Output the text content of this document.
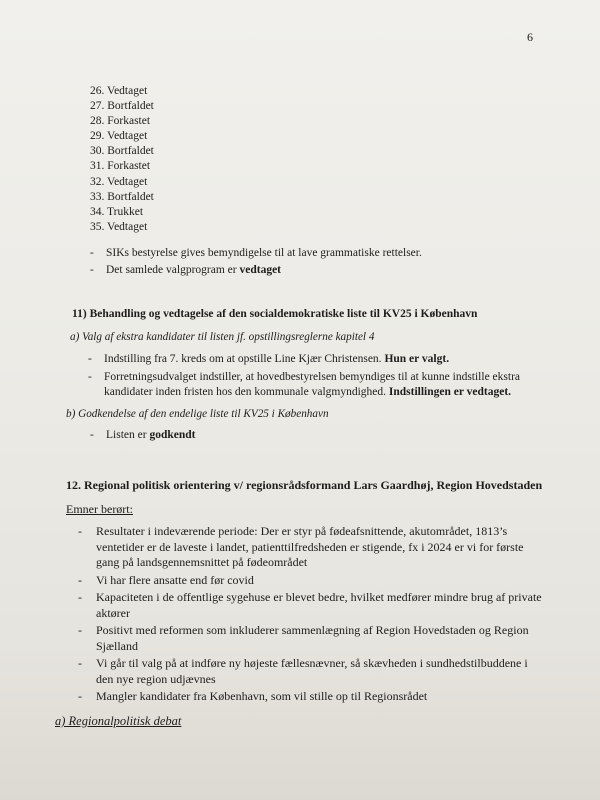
6
26. Vedtaget
27. Bortfaldet
28. Forkastet
29. Vedtaget
30. Bortfaldet
31. Forkastet
32. Vedtaget
33. Bortfaldet
34. Trukket
35. Vedtaget
- SIKs bestyrelse gives bemyndigelse til at lave grammatiske rettelser.
- Det samlede valgprogram er vedtaget
11) Behandling og vedtagelse af den socialdemokratiske liste til KV25 i København
a) Valg af ekstra kandidater til listen jf. opstillingsreglerne kapitel 4
- Indstilling fra 7. kreds om at opstille Line Kjær Christensen. Hun er valgt.
- Forretningsudvalget indstiller, at hovedbestyrelsen bemyndiges til at kunne indstille ekstra kandidater inden fristen hos den kommunale valgmyndighed. Indstillingen er vedtaget.
b) Godkendelse af den endelige liste til KV25 i København
- Listen er godkendt
12. Regional politisk orientering v/ regionsrådsformand Lars Gaardhøj, Region Hovedstaden
Emner berørt:
- Resultater i indeværende periode: Der er styr på fødeafsnittende, akutområdet, 1813’s ventetider er de laveste i landet, patienttilfredsheden er stigende, fx i 2024 er vi for første gang på landsgennemsnittet på fødeområdet
- Vi har flere ansatte end før covid
- Kapaciteten i de offentlige sygehuse er blevet bedre, hvilket medfører mindre brug af private aktører
- Positivt med reformen som inkluderer sammenlægning af Region Hovedstaden og Region Sjælland
- Vi går til valg på at indføre ny højeste fællesnævner, så skævheden i sundhedstilbuddene i den nye region udjævnes
- Mangler kandidater fra København, som vil stille op til Regionsrådet
a) Regionalpolitisk debat
